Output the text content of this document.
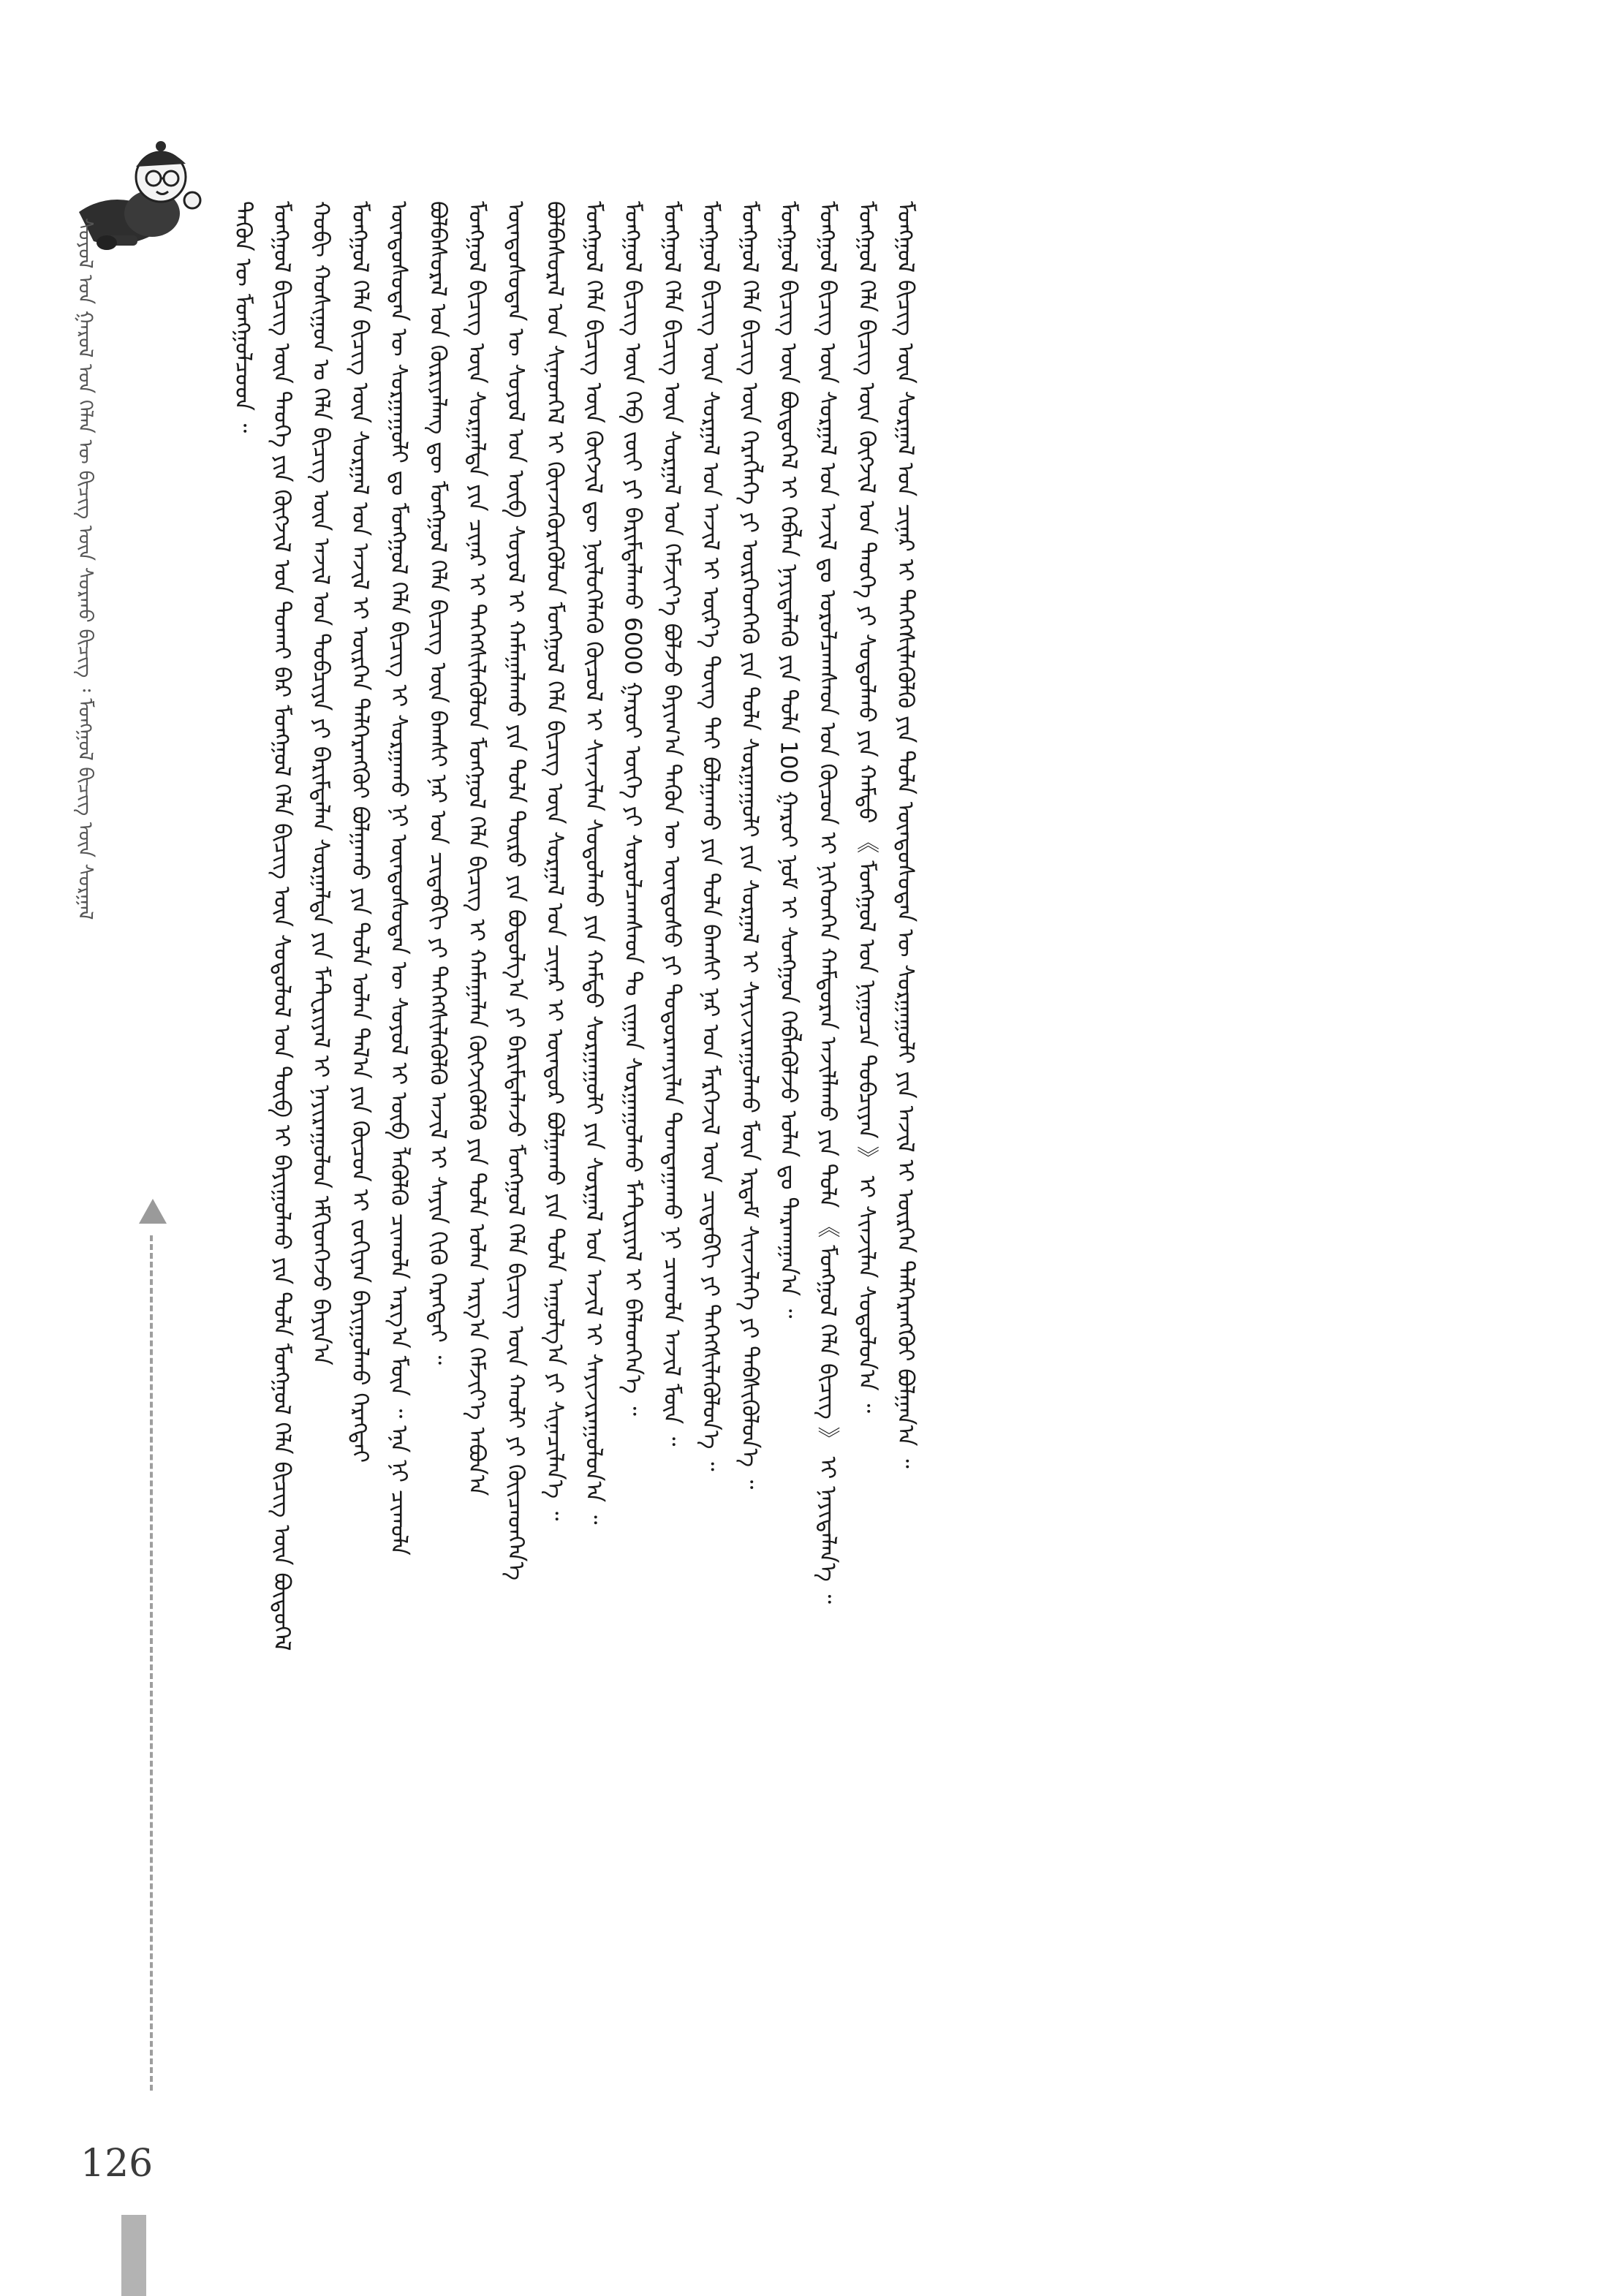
ᠰᠣᠶᠣᠯ ᠤᠨ ᠭᠠᠷᠤᠯ ᠤᠨ ᠬᠡᠯᠡᠨ ᠦ ᠪᠢᠴᠢᠭ ᠦᠨ ᠰᠤᠷᠬᠤ ᠪᠢᠴᠢᠭ ᠄ ᠮᠣᠩᠭᠣᠯ ᠪᠢᠴᠢᠭ ᠦᠨ ᠰᠤᠷᠭᠠᠯ	ᠲᠡᠭᠦᠨ ᠦ ᠮᠣᠩᠭᠣᠯᠴᠤᠳ ᠃ ᠮᠣᠩᠭᠣᠯ ᠪᠢᠴᠢᠭ ᠦᠨ ᠲᠡᠦᠬᠡ ᠶᠢᠨ ᠬᠥᠭᠵᠢᠯ ᠤᠨ ᠲᠣᠬᠠᠢ ᠪᠡᠷ ᠮᠣᠩᠭᠣᠯ ᠬᠡᠯᠡ ᠪᠢᠴᠢᠭ ᠦᠨ ᠰᠤᠳᠤᠯᠤᠯ ᠤᠨ ᠲᠥᠪ ᠢ ᠪᠠᠶᠢᠭᠤᠯᠬᠤ ᠶᠢᠨ ᠲᠤᠯᠠ ᠮᠣᠩᠭᠣᠯ ᠬᠡᠯᠡ ᠪᠢᠴᠢᠭ ᠦᠨ ᠪᠦᠲᠦᠭᠡᠯ ᠬᠤᠪᠢ ᠬᠣᠰᠢᠭᠤᠨ ᠤ ᠬᠡᠯᠡ ᠪᠢᠴᠢᠭ ᠦᠨ ᠠᠵᠢᠯ ᠤᠨ ᠲᠣᠪᠴᠢᠶᠠ ᠶᠢ ᠪᠠᠷᠢᠮᠲᠠᠯᠠᠨ ᠰᠤᠷᠭᠠᠯᠲᠠ ᠶᠢᠨ ᠮᠠᠲ᠋ᠸᠷᠢᠶᠠᠯ ᠢ ᠨᠠᠶᠢᠷᠠᠭᠤᠯᠤᠨ ᠡᠮᠬᠢᠳᠬᠡᠵᠦ ᠪᠠᠶᠢᠨ᠎ᠠ ᠮᠣᠩᠭᠣᠯ ᠬᠡᠯᠡ ᠪᠢᠴᠢᠭ ᠦᠨ ᠰᠤᠷᠭᠠᠯ ᠤᠨ ᠠᠵᠢᠯ ᠢ ᠥᠷᠭᠡᠨ ᠳᠡᠯᠭᠡᠷᠡᠩᠭᠦᠢ ᠪᠣᠯᠭᠠᠬᠤ ᠶᠢᠨ ᠲᠤᠯᠠ ᠣᠯᠠᠨ ᠲᠠᠯ᠎ᠠ ᠶᠢᠨ ᠬᠦᠴᠦᠨ ᠢ ᠵᠣᠬᠢᠶᠠᠨ ᠪᠠᠶᠢᠭᠤᠯᠬᠤ ᠬᠡᠷᠡᠭᠲᠡᠢ ᠦᠨᠳᠦᠰᠦᠲᠡᠨ ᠦ ᠰᠤᠷᠭᠠᠭᠤᠯᠢ ᠳᠤ ᠮᠣᠩᠭᠣᠯ ᠬᠡᠯᠡ ᠪᠢᠴᠢᠭ ᠢ ᠰᠤᠷᠭᠠᠬᠤ ᠨᠢ ᠦᠨᠳᠦᠰᠦᠲᠡᠨ ᠦ ᠰᠣᠶᠣᠯ ᠢ ᠥᠪ ᠯᠡᠭᠦᠯᠬᠦ ᠴᠢᠬᠤᠯᠠ ᠠᠷᠭ᠎ᠠ ᠮᠥᠨ ᠃ ᠡᠨᠡ ᠨᠢ ᠴᠢᠬᠤᠯᠠ ᠪᠣᠯᠪᠠᠰᠤᠷᠠᠯ ᠤᠨ ᠬᠦᠷᠢᠶᠡᠯᠡᠩ ᠳᠦ ᠮᠣᠩᠭᠣᠯ ᠬᠡᠯᠡ ᠪᠢᠴᠢᠭ ᠦᠨ ᠪᠠᠭᠰᠢ ᠨᠠᠷ ᠤᠨ ᠴᠢᠳᠠᠪᠬᠢ ᠶᠢ ᠳᠡᠭᠡᠭᠰᠢᠯᠡᠭᠦᠯᠬᠦ ᠠᠵᠢᠯ ᠢ ᠰᠠᠶᠢᠨ ᠬᠢᠬᠦ ᠬᠡᠷᠡᠭᠲᠡᠢ ᠃ ᠮᠣᠩᠭᠣᠯ ᠪᠢᠴᠢᠭ ᠦᠨ ᠰᠤᠷᠭᠠᠯᠲᠠ ᠶᠢᠨ ᠴᠢᠨᠠᠷ ᠢ ᠳᠡᠭᠡᠭᠰᠢᠯᠡᠭᠦᠯᠦᠨ ᠮᠣᠩᠭᠣᠯ ᠬᠡᠯᠡ ᠪᠢᠴᠢᠭ ᠢ ᠬᠠᠮᠠᠭᠠᠯᠠᠨ ᠬᠥᠭᠵᠢᠭᠦᠯᠬᠦ ᠶᠢᠨ ᠲᠤᠯᠠ ᠣᠯᠠᠨ ᠠᠷᠭ᠎ᠠ ᠬᠡᠮᠵᠢᠶ᠎ᠡ ᠠᠪᠤᠨ᠎ᠠ ᠦᠨᠳᠦᠰᠦᠲᠡᠨ ᠦ ᠰᠣᠶᠣᠯ ᠤᠨ ᠦᠪ ᠰᠣᠶᠣᠯ ᠢ ᠬᠠᠮᠠᠭᠠᠯᠠᠬᠤ ᠶᠢᠨ ᠲᠤᠯᠠ ᠲᠥᠷᠥ ᠶᠢᠨ ᠪᠣᠳᠣᠯᠭ᠎ᠠ ᠶᠢ ᠪᠠᠷᠢᠮᠲᠠᠯᠠᠵᠤ ᠮᠣᠩᠭᠣᠯ ᠬᠡᠯᠡ ᠪᠢᠴᠢᠭ ᠦᠨ ᠬᠠᠤᠯᠢ ᠶᠢ ᠭᠦᠢᠴᠡᠳᠬᠡᠨ᠎ᠡ ᠪᠣᠯᠪᠠᠰᠤᠷᠠᠯ ᠤᠨ ᠰᠢᠨᠡᠳᠬᠡᠯ ᠢ ᠭᠦᠨᠵᠡᠭᠦᠷᠡᠭᠦᠯᠦᠨ ᠮᠣᠩᠭᠣᠯ ᠬᠡᠯᠡ ᠪᠢᠴᠢᠭ ᠦᠨ ᠰᠤᠷᠭᠠᠯ ᠤᠨ ᠴᠢᠨᠠᠷ ᠢ ᠥᠨᠳᠥᠷ ᠪᠣᠯᠭᠠᠬᠤ ᠶᠢᠨ ᠲᠤᠯᠠ ᠠᠭᠤᠯᠭ᠎ᠠ ᠶᠢ ᠰᠢᠨᠡᠴᠢᠯᠡᠨ᠎ᠡ ᠃ ᠮᠣᠩᠭᠣᠯ ᠬᠡᠯᠡ ᠪᠢᠴᠢᠭ ᠦᠨ ᠬᠥᠭᠵᠢᠯ ᠳᠦ ᠨᠥᠯᠥᠭᠡᠯᠡᠬᠦ ᠬᠦᠴᠦᠯ ᠢ ᠰᠢᠨᠵᠢᠯᠡᠨ ᠰᠤᠳᠤᠯᠬᠤ ᠶᠢᠨ ᠬᠠᠮᠲᠤ ᠰᠤᠷᠭᠠᠭᠤᠯᠢ ᠶᠢᠨ ᠰᠤᠷᠭᠠᠯ ᠤᠨ ᠠᠵᠢᠯ ᠢ ᠰᠠᠶᠢᠵᠢᠷᠠᠭᠤᠯᠤᠨ᠎ᠠ ᠃ ᠮᠣᠩᠭᠣᠯ ᠪᠢᠴᠢᠭ ᠦᠨ ᠬᠡᠪ ᠵᠦᠢ ᠶᠢ ᠪᠠᠷᠢᠮᠲᠠᠯᠠᠬᠤ 6000 ᠭᠠᠷᠤᠢ ᠦᠭᠡ ᠶᠢ ᠰᠤᠷᠤᠯᠴᠠᠭᠰᠠᠳ ᠲᠤ ᠵᠢᠭᠠᠨ ᠰᠤᠷᠭᠠᠭᠤᠯᠬᠤ ᠮᠠᠲ᠋ᠸᠷᠢᠶᠠᠯ ᠢ ᠪᠡᠯᠡᠳᠬᠡᠨ᠎ᠡ ᠃ ᠮᠣᠩᠭᠣᠯ ᠬᠡᠯᠡ ᠪᠢᠴᠢᠭ ᠦᠨ ᠰᠤᠷᠭᠠᠯ ᠤᠨ ᠬᠡᠮᠵᠢᠶ᠎ᠡ ᠪᠣᠯᠵᠤ ᠪᠠᠶᠢᠭ᠎ᠠ ᠲᠡᠭᠦᠨ ᠦ ᠦᠨᠳᠦᠰᠦ ᠶᠢ ᠲᠣᠳᠣᠷᠬᠠᠶᠢᠯᠠᠨ ᠲᠣᠭᠲᠠᠭᠠᠬᠤ ᠨᠢ ᠴᠢᠬᠤᠯᠠ ᠠᠵᠢᠯ ᠮᠥᠨ ᠃ ᠮᠣᠩᠭᠣᠯ ᠪᠢᠴᠢᠭ ᠦᠨ ᠰᠤᠷᠭᠠᠯ ᠤᠨ ᠠᠵᠢᠯ ᠢ ᠦᠷ᠎ᠡ ᠳᠦᠩ ᠲᠠᠶ ᠪᠣᠯᠭᠠᠬᠤ ᠶᠢᠨ ᠲᠤᠯᠠ ᠪᠠᠭᠰᠢ ᠨᠠᠷ ᠤᠨ ᠮᠡᠷᠭᠡᠵᠢᠯ ᠦᠨ ᠴᠢᠳᠠᠪᠬᠢ ᠶᠢ ᠳᠡᠭᠡᠭᠰᠢᠯᠡᠭᠦᠯᠦᠨ᠎ᠡ ᠃ ᠮᠣᠩᠭᠣᠯ ᠬᠡᠯᠡ ᠪᠢᠴᠢᠭ ᠦᠨ ᠬᠡᠷᠡᠭᠯᠡᠭᠡ ᠶᠢ ᠥᠷᠭᠡᠳᠬᠡᠬᠦ ᠶᠢᠨ ᠲᠤᠯᠠ ᠰᠤᠷᠭᠠᠭᠤᠯᠢ ᠶᠢᠨ ᠰᠤᠷᠭᠠᠯ ᠢ ᠰᠠᠶᠢᠵᠢᠷᠠᠭᠤᠯᠬᠤ ᠮᠥᠨ ᠡᠷᠳᠡᠮ ᠰᠢᠨᠵᠢᠯᠡᠭᠡ ᠶᠢ ᠳᠡᠪᠰᠢᠭᠦᠯᠦᠨ᠎ᠡ ᠃ ᠮᠣᠩᠭᠣᠯ ᠪᠢᠴᠢᠭ ᠦᠨ ᠪᠦᠲᠦᠭᠡᠯ ᠢ ᠬᠡᠪᠯᠡᠨ ᠨᠡᠶᠢᠲᠡᠯᠡᠬᠦ ᠶᠢᠨ ᠲᠤᠯᠠ 100 ᠭᠠᠷᠤᠢ ᠨᠣᠮ ᠢ ᠰᠣᠩᠭᠣᠨ ᠬᠡᠪᠯᠡᠭᠦᠯᠵᠦ ᠣᠯᠠᠨ ᠳᠤ ᠲᠠᠷᠬᠠᠭᠠᠨ᠎ᠠ ᠃ ᠮᠣᠩᠭᠣᠯ ᠪᠢᠴᠢᠭ ᠦᠨ ᠰᠤᠷᠭᠠᠯ ᠤᠨ ᠠᠵᠢᠯ ᠳᠤ ᠣᠷᠣᠯᠴᠠᠭᠰᠠᠳ ᠤᠨ ᠬᠦᠴᠦᠨ ᠢ ᠨᠢᠭᠡᠳᠬᠡᠨ ᠬᠠᠮᠲᠤᠷᠠᠨ ᠠᠵᠢᠯᠯᠠᠬᠤ ᠶᠢᠨ ᠲᠤᠯᠠ 《 ᠮᠣᠩᠭᠣᠯ ᠬᠡᠯᠡ ᠪᠢᠴᠢᠭ 》 ᠢ ᠨᠡᠶᠢᠲᠡᠯᠡᠨ᠎ᠡ ᠃ ᠮᠣᠩᠭᠣᠯ ᠬᠡᠯᠡ ᠪᠢᠴᠢᠭ ᠦᠨ ᠬᠥᠭᠵᠢᠯ ᠤᠨ ᠲᠡᠦᠬᠡ ᠶᠢ ᠰᠤᠳᠤᠯᠬᠤ ᠶᠢᠨ ᠬᠠᠮᠲᠤ 《 ᠮᠣᠩᠭᠣᠯ ᠤᠨ ᠨᠢᠭᠤᠴᠠ ᠲᠣᠪᠴᠢᠶᠠᠨ 》 ᠢ ᠰᠢᠨᠵᠢᠯᠡᠨ ᠰᠤᠳᠤᠯᠤᠨ᠎ᠠ ᠃ ᠮᠣᠩᠭᠣᠯ ᠪᠢᠴᠢᠭ ᠦᠨ ᠰᠤᠷᠭᠠᠯ ᠤᠨ ᠴᠢᠨᠠᠷ ᠢ ᠳᠡᠭᠡᠭᠰᠢᠯᠡᠭᠦᠯᠬᠦ ᠶᠢᠨ ᠲᠤᠯᠠ ᠦᠨᠳᠦᠰᠦᠲᠡᠨ ᠦ ᠰᠤᠷᠭᠠᠭᠤᠯᠢ ᠶᠢᠨ ᠠᠵᠢᠯ ᠢ ᠥᠷᠭᠡᠨ ᠳᠡᠯᠭᠡᠷᠡᠩᠭᠦᠢ ᠪᠣᠯᠭᠠᠨ᠎ᠠ ᠃
126
